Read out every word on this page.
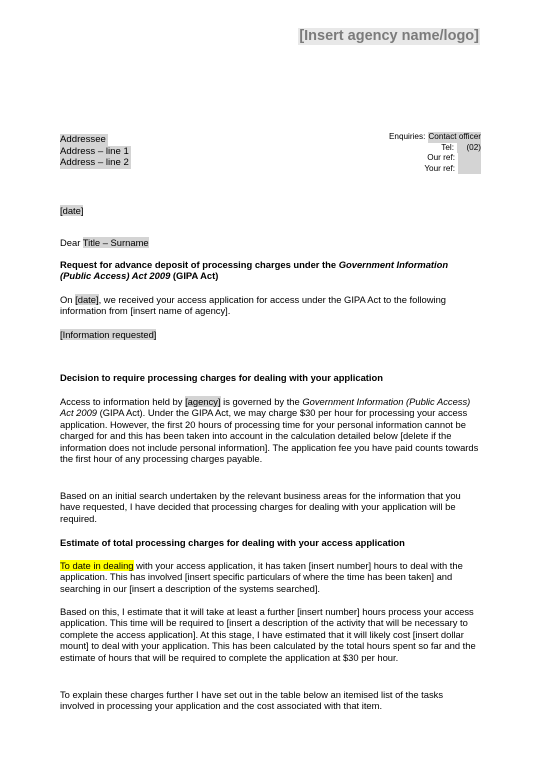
[Insert agency name/logo]
Addressee
Address – line 1
Address – line 2
Enquiries: Contact officer
Tel:	(02)
Our ref:
Your ref:
[date]
Dear Title – Surname
Request for advance deposit of processing charges under the Government Information (Public Access) Act 2009 (GIPA Act)
On [date], we received your access application for access under the GIPA Act to the following information from [insert name of agency].
[Information requested]
Decision to require processing charges for dealing with your application
Access to information held by [agency] is governed by the Government Information (Public Access) Act 2009 (GIPA Act). Under the GIPA Act, we may charge $30 per hour for processing your access application. However, the first 20 hours of processing time for your personal information cannot be charged for and this has been taken into account in the calculation detailed below [delete if the information does not include personal information]. The application fee you have paid counts towards the first hour of any processing charges payable.
Based on an initial search undertaken by the relevant business areas for the information that you have requested, I have decided that processing charges for dealing with your application will be required.
Estimate of total processing charges for dealing with your access application
To date in dealing with your access application, it has taken [insert number] hours to deal with the application. This has involved [insert specific particulars of where the time has been taken] and searching in our [insert a description of the systems searched].
Based on this, I estimate that it will take at least a further [insert number] hours process your access application. This time will be required to [insert a description of the activity that will be necessary to complete the access application]. At this stage, I have estimated that it will likely cost [insert dollar mount] to deal with your application. This has been calculated by the total hours spent so far and the estimate of hours that will be required to complete the application at $30 per hour.
To explain these charges further I have set out in the table below an itemised list of the tasks involved in processing your application and the cost associated with that item.
